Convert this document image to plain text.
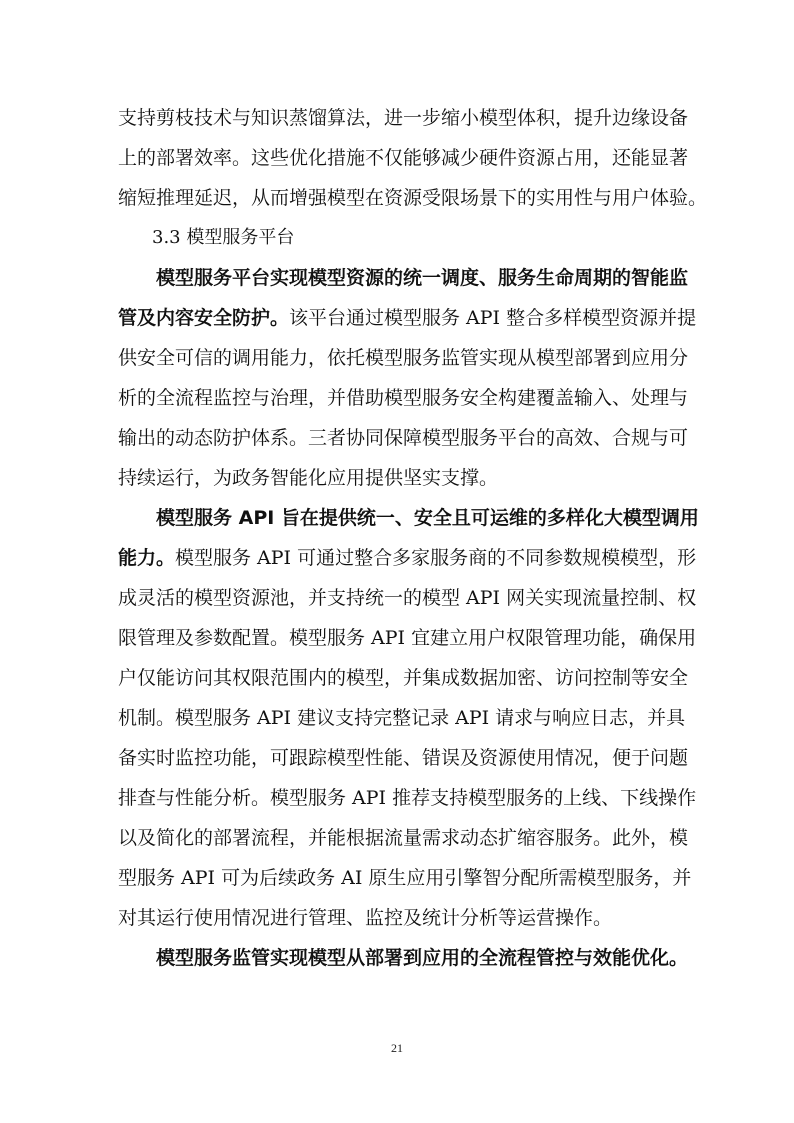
支持剪枝技术与知识蒸馏算法，进一步缩小模型体积，提升边缘设备
上的部署效率。这些优化措施不仅能够减少硬件资源占用，还能显著
缩短推理延迟，从而增强模型在资源受限场景下的实用性与用户体验。
3.3 模型服务平台
模型服务平台实现模型资源的统一调度、服务生命周期的智能监
管及内容安全防护。该平台通过模型服务 API 整合多样模型资源并提
供安全可信的调用能力，依托模型服务监管实现从模型部署到应用分
析的全流程监控与治理，并借助模型服务安全构建覆盖输入、处理与
输出的动态防护体系。三者协同保障模型服务平台的高效、合规与可
持续运行，为政务智能化应用提供坚实支撑。
模型服务 API 旨在提供统一、安全且可运维的多样化大模型调用
能力。模型服务 API 可通过整合多家服务商的不同参数规模模型，形
成灵活的模型资源池，并支持统一的模型 API 网关实现流量控制、权
限管理及参数配置。模型服务 API 宜建立用户权限管理功能，确保用
户仅能访问其权限范围内的模型，并集成数据加密、访问控制等安全
机制。模型服务 API 建议支持完整记录 API 请求与响应日志，并具
备实时监控功能，可跟踪模型性能、错误及资源使用情况，便于问题
排查与性能分析。模型服务 API 推荐支持模型服务的上线、下线操作
以及简化的部署流程，并能根据流量需求动态扩缩容服务。此外，模
型服务 API 可为后续政务 AI 原生应用引擎智分配所需模型服务，并
对其运行使用情况进行管理、监控及统计分析等运营操作。
模型服务监管实现模型从部署到应用的全流程管控与效能优化。
21
